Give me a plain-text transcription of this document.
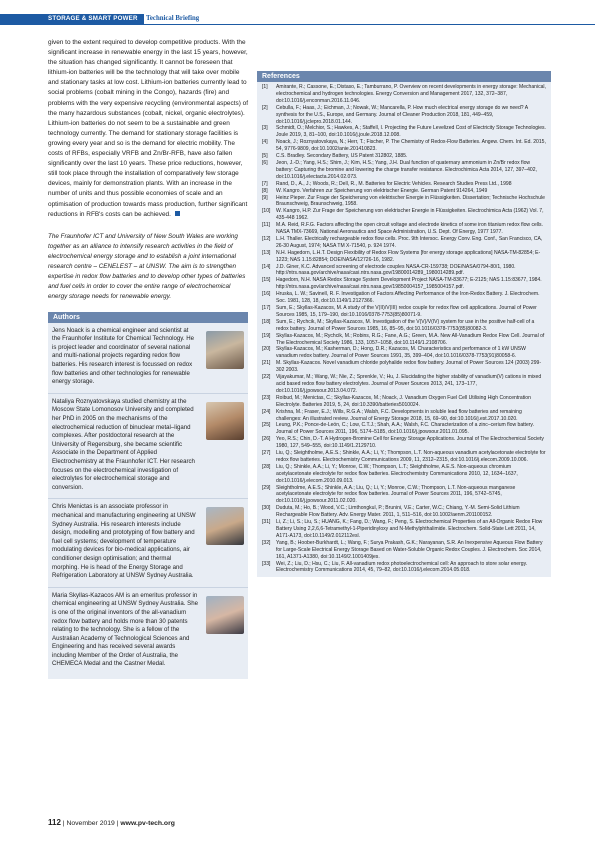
STORAGE & SMART POWER	Technical Briefing

given to the extent required to develop competitive products. With the significant increase in renewable energy in the last 15 years, however, the situation has changed significantly. It cannot be foreseen that lithium-ion batteries will be the technology that will take over mobile and stationary tasks at low cost. Lithium-ion batteries currently lead to social problems (cobalt mining in the Congo), hazards (fire) and problems with the very expensive recycling (environmental aspects) of the many hazardous substances (cobalt, nickel, organic electrolytes). Lithium-ion batteries do not seem to be a sustainable and green technology currently. The demand for stationary storage facilities is growing every year and so is the demand for electric mobility. The costs of RFBs, especially VRFB and Zn/Br-RFB, have also fallen significantly over the last 10 years. These price reductions, however, still took place through the installation of comparatively few storage devices, mainly for demonstration plants. With an increase in the number of units and thus possible economies of scale and an optimisation of production towards mass production, further significant reductions in RFB's costs can be achieved.

The Fraunhofer ICT and University of New South Wales are working together as an alliance to intensify research activities in the field of electrochemical energy storage and to establish a joint international research centre – CENELEST – at UNSW. The aim is to strengthen expertise in redox flow batteries and to develop other types of batteries and fuel cells in order to cover the entire range of electrochemical energy storage needs for renewable energy.

Authors

Jens Noack is a chemical engineer and scientist at the Fraunhofer Institute for Chemical Technology. He is project leader and coordinator of several national and multi-national projects regarding redox flow batteries. His research interest is focussed on redox flow batteries and other technologies for renewable energy storage.

Nataliya Roznyatovskaya studied chemistry at the Moscow State Lomonosov University and completed her PhD in 2005 on the mechanisms of the electrochemical reduction of binuclear metal–ligand complexes. After postdoctoral research at the University of Regensburg, she became scientific Associate in the Department of Applied Electrochemistry at the Fraunhofer ICT. Her research focuses on the electrochemical investigation of electrolytes for electrochemical storage and conversion.

Chris Menictas is an associate professor in mechanical and manufacturing engineering at UNSW Sydney Australia. His research interests include design, modelling and prototyping of flow battery and fuel cell systems; development of temperature modulating devices for bio-medical applications, air conditioner design optimisation; and thermal morphing. He is head of the Energy Storage and Refrigeration Laboratory at UNSW Sydney Australia.

Maria Skyllas-Kazacos AM is an emeritus professor in chemical engineering at UNSW Sydney Australia. She is one of the original inventors of the all-vanadium redox flow battery and holds more than 30 patents relating to the technology. She is a fellow of the Australian Academy of Technological Sciences and Engineering and has received several awards including Member of the Order of Australia, the CHEMECA Medal and the Castner Medal.

References
[1]	Amirante, R.; Cassone, E.; Distaso, E.; Tamburrano, P. Overview on recent developments in energy storage: Mechanical, electrochemical and hydrogen technologies. Energy Conversion and Management 2017, 132, 372–387, doi:10.1016/j.enconman.2016.11.046.
[2]	Cebulla, F.; Haas, J.; Eichman, J.; Nowak, W.; Mancarella, P. How much electrical energy storage do we need? A synthesis for the U.S., Europe, and Germany. Journal of Cleaner Production 2018, 181, 449–459, doi:10.1016/j.jclepro.2018.01.144.
[3]	Schmidt, O.; Melchior, S.; Hawkes, A.; Staffell, I. Projecting the Future Levelized Cost of Electricity Storage Technologies. Joule 2019, 3, 81–100, doi:10.1016/j.joule.2018.12.008.
[4]	Noack, J.; Roznyatovskaya, N.; Herr, T.; Fischer, P. The Chemistry of Redox-Flow Batteries. Angew. Chem. Int. Ed. 2015, 54, 9776-9809, doi:10.1002/anie.201410823.
[5]	C.S. Bradley. Secondary Battery, US Patent 312802, 1885.
[6]	Jeon, J.-D.; Yang, H.S.; Shim, J.; Kim, H.S.; Yang, J.H. Dual function of quaternary ammonium in Zn/Br redox flow battery: Capturing the bromine and lowering the charge transfer resistance. Electrochimica Acta 2014, 127, 397–402, doi:10.1016/j.electacta.2014.02.073.
[7]	Rand, D., A., J.; Woods, R.; Dell, R., M. Batteries for Electric Vehicles. Research Studies Press Ltd., 1998
[8]	W. Kangro. Verfahren zur Speicherung von elektrischer Energie. German Patent 914264, 1949
[9]	Heinz Pieper. Zur Frage der Speicherung von elektrischer Energie in Flüssigkeiten. Dissertation; Technische Hochschule Braunschweig, Braunschweig, 1958.
[10]	W. Kangro, H.P. Zur Frage der Speicherung von elektrischer Energie in Flüssigkeiten. Electrochimica Acta (1962) Vol. 7, 435-448 1962.
[11]	M.A. Reid, R.F.G. Factors affecting the open circuit voltage and electrode kinetics of some iron titanium redox flow cells. NASA TMX-73669, National Aeronautics and Space Administration, U.S. Dept. Of Energy, 1977 1977.
[12]	L.H. Thaller. Electrically rechargeable redox flow cells. Proc. 9th Intersoc. Energy Conv. Eng. Conf., San Francisco, CA, 26-30 August, 1974; NASA TM X-71540, p. 924 1974.
[13]	N.H. Hagedorn, L.H.T. Design Flexibility of Redox Flow Systems [for energy storage applications] NASA-TM-82854; E-1223; NAS 1.15:82854; DOE/NASA/12726-16, 1982.
[14]	J.D. Giner, K.C. Advanced screening of electrode couples NASA-CR-159738; DOE/NASA/0794-80/1, 1980. http://ntrs.nasa.gov/archive/nasa/casi.ntrs.nasa.gov/19800014289_1980014289.pdf.
[15]	Hagedorn, N.H. NASA Redox Storage System Development Project NASA-TM-83677; E-2125; NAS 1.15:83677, 1984. http://ntrs.nasa.gov/archive/nasa/casi.ntrs.nasa.gov/19850004157_1985004157.pdf.
[16]	Hruska, L. W.; Savinell, R. F. Investigation of Factors Affecting Performance of the Iron-Redox Battery. J. Electrochem. Soc. 1981, 128, 18, doi:10.1149/1.2127366.
[17]	Sum, E.; Skyllas-Kazacos, M. A study of the V(II)/V(III) redox couple for redox flow cell applications. Journal of Power Sources 1985, 15, 179–190, doi:10.1016/0378-7753(85)80071-9.
[18]	Sum, E.; Rychcik, M.; Skyllas-Kazacos, M. Investigation of the V(V)/V(IV) system for use in the positive half-cell of a redox battery. Journal of Power Sources 1985, 16, 85–95, doi:10.1016/0378-7753(85)80082-3.
[19]	Skyllas-Kazacos, M.; Rychcik, M.; Robins, R.G.; Fane, A.G.; Green, M.A. New All-Vanadium Redox Flow Cell. Journal of The Electrochemical Society 1986, 133, 1057–1058, doi:10.1149/1.2108706.
[20]	Skyllas-Kazacos, M.; Kasherman, D.; Hong, D.R.; Kazacos, M. Characteristics and performance of 1 kW UNSW vanadium redox battery. Journal of Power Sources 1991, 35, 399–404, doi:10.1016/0378-7753(91)80058-6.
[21]	M. Skyllas-Kazacos. Novel vanadium chloride polyhalide redox flow battery. Journal of Power Sources 124 (2003) 299-302 2003.
[22]	Vijayakumar, M.; Wang, W.; Nie, Z.; Sprenkle, V.; Hu, J. Elucidating the higher stability of vanadium(V) cations in mixed acid based redox flow battery electrolytes. Journal of Power Sources 2013, 241, 173–177, doi:10.1016/j.jpowsour.2013.04.072.
[23]	Roibud, M.; Menictas, C.; Skyllas-Kazacos, M.; Noack, J. Vanadium Oxygen Fuel Cell Utilising High Concentration Electrolyte. Batteries 2019, 5, 24, doi:10.3390/batteries5010024.
[24]	Krishna, M.; Fraser, E.J.; Wills, R.G.A.; Walsh, F.C. Developments in soluble lead flow batteries and remaining challenges: An illustrated review. Journal of Energy Storage 2018, 15, 69–90, doi:10.1016/j.est.2017.10.020.
[25]	Leung, P.K.; Ponce-de-León, C.; Low, C.T.J.; Shah, A.A.; Walsh, F.C. Characterization of a zinc–cerium flow battery. Journal of Power Sources 2011, 196, 5174–5185, doi:10.1016/j.jpowsour.2011.01.095.
[26]	Yeo, R.S.; Chin, D.-T. A Hydrogen-Bromine Cell for Energy Storage Applications. Journal of The Electrochemical Society 1980, 127, 549–555, doi:10.1149/1.2129710.
[27]	Liu, Q.; Sleightholme, A.E.S.; Shinkle, A.A.; Li, Y.; Thompson, L.T. Non-aqueous vanadium acetylacetonate electrolyte for redox flow batteries. Electrochemistry Communications 2009, 11, 2312–2315, doi:10.1016/j.elecom.2009.10.006.
[28]	Liu, Q.; Shinkle, A.A.; Li, Y.; Monroe, C.W.; Thompson, L.T.; Sleightholme, A.E.S. Non-aqueous chromium acetylacetonate electrolyte for redox flow batteries. Electrochemistry Communications 2010, 12, 1634–1637, doi:10.1016/j.elecom.2010.09.013.
[29]	Sleightholme, A.E.S.; Shinkle, A.A.; Liu, Q.; Li, Y.; Monroe, C.W.; Thompson, L.T. Non-aqueous manganese acetylacetonate electrolyte for redox flow batteries. Journal of Power Sources 2011, 196, 5742–5745, doi:10.1016/j.jpowsour.2011.02.020.
[30]	Duduta, M.; Ho, B.; Wood, V.C.; Limthongkul, P.; Brunini, V.E.; Carter, W.C.; Chiang, Y.-M. Semi-Solid Lithium Rechargeable Flow Battery. Adv. Energy Mater. 2011, 1, 511–516, doi:10.1002/aenm.201100152.
[31]	Li, Z.; Li, S.; Liu, S.; HUANG, K.; Fang, D.; Wang, F.; Peng, S. Electrochemical Properties of an All-Organic Redox Flow Battery Using 2,2,6,6-Tetramethyl-1-Piperidinyloxy and N-Methylphthalimide. Electrochem. Solid-State Lett 2011, 14, A171-A173, doi:10.1149/2.012112esl.
[32]	Yang, B.; Hoober-Burkhardt, L.; Wang, F.; Surya Prakash, G.K.; Narayanan, S.R. An Inexpensive Aqueous Flow Battery for Large-Scale Electrical Energy Storage Based on Water-Soluble Organic Redox Couples. J. Electrochem. Soc 2014, 161, A1371-A1380, doi:10.1149/2.1001409jes.
[33]	Wei, Z.; Liu, D.; Hsu, C.; Liu, F. All-vanadium redox photoelectrochemical cell: An approach to store solar energy. Electrochemistry Communications 2014, 45, 79–82, doi:10.1016/j.elecom.2014.05.018.
112 | November 2019 | www.pv-tech.org
